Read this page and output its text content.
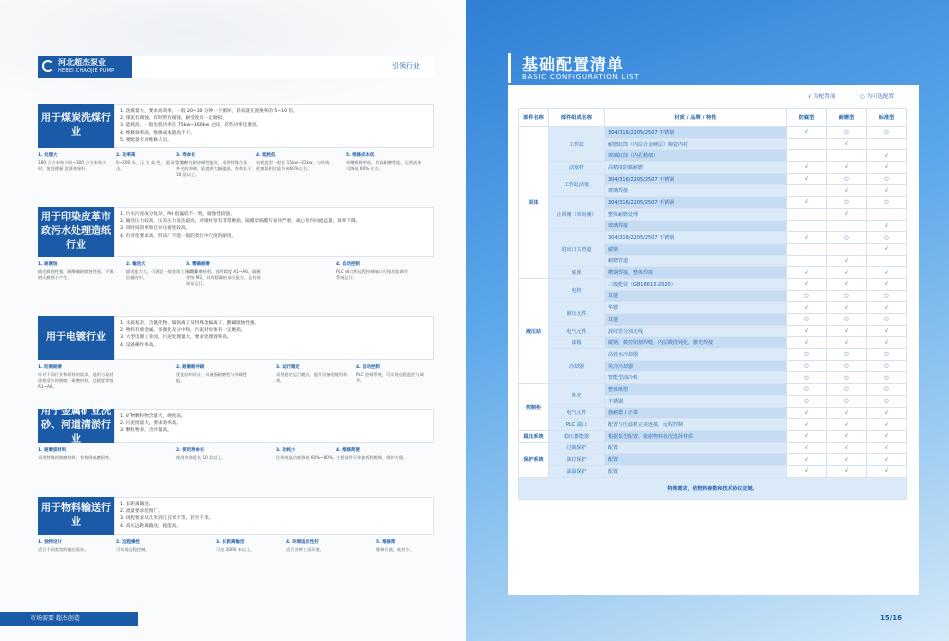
河北超杰泵业
HEBEI CHAOJIE PUMP
引领行业
用于煤炭洗煤行业
1. 洗煤量大，要求高效率，一般 20~30 分钟一个循环，甚而就在置换率的 5~10 倍。
2. 煤泥有腐蚀，有时带有腐蚀，耐受度有一定磨损。
3. 能耗高，一般电机功率在 75kw~160kw 之间，有些功率还要高。
4. 维修频率高，维修成本就高不下。
5. 要配备专业维修人员。
1. 处理大
180 立方米每小时~300 立方米每小时，批处理量 洗涤效果好。
2. 功率高
0~200 米，压 力 高 性， 能承受大冲击。
3. 寿命长
工作时在耐冲刷性能好，采用特殊合金 外壳的冲刷，能提供大幅提高，寿命长于 10 倍以上。
4. 能耗低
电机选型一般在 15kw~22kw，与传统 柱塞泵相比能节省60%左右。
5. 维修成本低
单槽维修率低，有高耐磨性能，运营成本可降低 60% 左右。
用于印染皮革市政污水处理造纸行业
1. 污水污泥成分复杂，PH 值偏低不一致，腐蚀性较强。
2. 输送压力较高，压差压力高达最高，对缓杆泵有非常磨损，隔膜泵隔膜片易坏严重，离心泵内回流远量，效率下降。
3. 同时间清单和过并压密度较高。
4. 但对化要求高，但该厂不能一般的类行中尺度的耐用。
1. 耐腐蚀
输送腐蚀性强，耐酸碱耐腐蚀性强，不锈钢无腐蚀不产生。
2. 输送大
输送能力大，可满足一般连续工作需 5 倍量的中。
3. 精确耐磨
采用耐磨材料，部件精度 A1~A6，隔膜等级 M2，具有精确的承压能力，且有效保证运行。
4. 自动控制
PLC 端口和远程控制端口可按功能调节系统运行。
用于电镀行业
1. 水质复杂，含氰化物、镍铬离子及特殊金属离子，酸碱腐蚀性强。
2. 物料有重金属、多强化及分中和，污泥对泵体有一定磨损。
3. 大型电镀工业园，污泥处理量大，要求处理效率高。
4. 设备操作率高。
1. 防腐耐磨
针对不同行业和原料的需求，选用与泵材质相适应的耐腐、耐磨材料，且精度等级 A1~A6。
2. 耐磨耐冲刷
优化结构设计，具备强耐磨性与冲刷性能。
3. 运行稳定
采用稳定运行模式，提升设备的使用寿命。
4. 自动控制
PLC 控制系统，可实现远程监控与调节。
用于金属矿业洗砂、河道清淤行业
1. 矿物颗粒物含量大，硬度高。
2. 污泥排量大，要求效率高。
3. 颗粒物多，含沙量高。
1. 耐磨损材料
采用特殊的耐磨材料，有效降低磨损率。
2. 使用寿命长
使用寿命延长 10 倍以上。
3. 功耗小
比传统泵功耗降低 60%~80%。
4. 维修简便
主要部件可单独拆卸维修，维护方便。
用于物料输送行业
1. 长距离输送。
2. 流量要求范围广。
3. 扬程要求从几米到几百米不等，甚至千米。
4. 高压远距离输送，耗能高。
1. 独特设计
适合不同类型的输送需求。
2. 远程操控
可实现远程控制。
3. 长距离输送
可达 3000 米以上。
4. 环境适应性好
适合各种工况环境。
5. 维修简
维修方便，耗材少。
市场需要 超杰创造
基础配置清单
BASIC CONFIGURATION LIST
√ 为配置项	○ 为可选配置
部件名称	部件组成名称	材质 / 品牌 / 特性	防腐型	耐磨型	标准型
泵体	工作缸	304/316/2205/2507 不锈钢	√	○	○
		耐磨缸筒（内层合金硬层）陶瓷内衬		√	
		玻璃缸筒（内孔精细）			√
	活塞杆	高精度防腐耐磨	√	√	√
	工作缸活塞	304/316/2205/2507 不锈钢	√	○	○
		玻璃焊接		√	√
	止回阀（单向阀）	304/316/2205/2507 不锈钢	√	○	○
		整体耐磨处理		√	
		玻璃焊接			√
	进出口主管道	304/316/2205/2507 不锈钢	√	○	○
		碳钢			√
		耐磨管道		√	
	底座	槽钢焊接，整体焊接	√	√	√
液压站	电机	三级能效（GB18613-2020）	√	√	√
		其他	○	○	○
	液压元件	华德	√	√	√
		其他	○	○	○
	电气元件	波纹管分别走线	√	√	√
	油箱	碳钢，数控切割焊缝，内层酸洗钝化，激光焊接	√	√	√
	冷却器	高效水冷却器	○	○	○
		风冷冷却器	○	○	○
		智能型油冷机	○	○	○
控制柜	外壳	整体喷塑	○	○	○
		不锈钢	○	○	○
	电气元件	施耐德 / 正泰	√	√	√
	PLC 端口	配置与压滤机完美连接，远程控制	√	√	√
稳压系统	稳压蓄能器	根据泵型配置，依据物料状况选择材质	√	√	√
保护系统	过载保护	配置	√	√	√
	油位保护	配置	√	√	√
	油温保护	配置	√	√	√
特殊需求，依物料参数和技术协议定制。					
15/16
